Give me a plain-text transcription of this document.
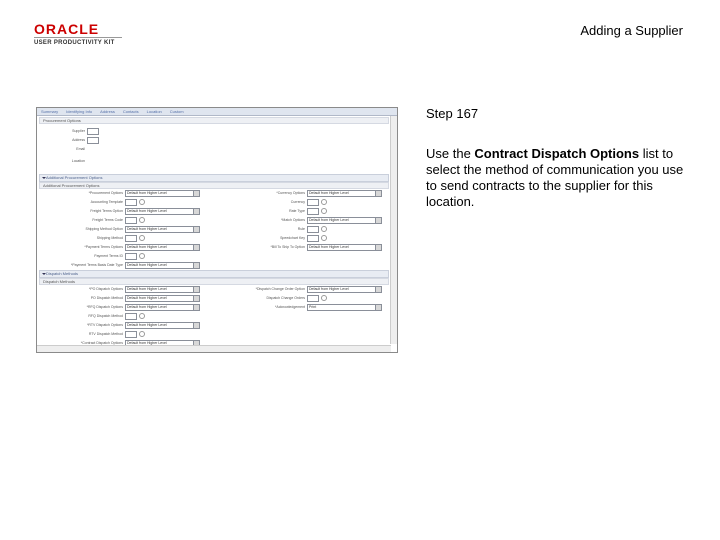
ORACLE
USER PRODUCTIVITY KIT
Adding a Supplier
Summary Identifying Info Address Contacts Location Custom
Procurement Options
Supplier
Address
Email
Location
Additional Procurement Options
Additional Procurement Options
*Procurement Options	Default from Higher Level
Accounting Template
Freight Terms Option	Default from Higher Level
Freight Terms Code
Shipping Method Option	Default from Higher Level
Shipping Method
*Payment Terms Options	Default from Higher Level
Payment Terms ID
*Payment Terms Basis Date Type	Default from Higher Level
*Currency Options	Default from Higher Level
Currency
Rate Type
*Match Options	Default from Higher Level
Rule
Speedchart Key
*Bill To Ship To Option	Default from Higher Level
Dispatch Methods
Dispatch Methods
*PO Dispatch Options	Default from Higher Level
PO Dispatch Method	Default from Higher Level
*RFQ Dispatch Options	Default from Higher Level
RFQ Dispatch Method
*RTV Dispatch Options	Default from Higher Level
RTV Dispatch Method
*Contract Dispatch Options	Default from Higher Level
*Dispatch Change Order Option	Default from Higher Level
Dispatch Change Orders
*Acknowledgement	Print
Step 167
Use the Contract Dispatch Options list to select the method of communication you use to send contracts to the supplier for this location.
